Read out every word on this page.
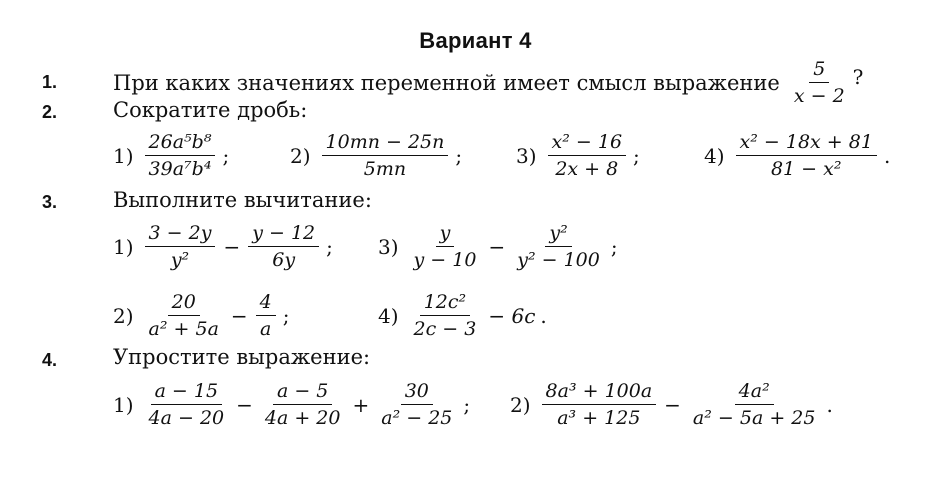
Вариант 4
1.	При каких значениях переменной имеет смысл выражение $\frac{5}{x - 2}$ ?
2.	Сократите дробь:
$1) \frac{\text{26a⁵b⁸}}{\text{39a⁷b⁴}}$ ;	$2) \frac{10mn - 25n}{5mn}$ ;	$3) \frac{\text{x² − 16}}{2x + 8}$ ;	$4) \frac{\text{x² − 18x + 81}}{\text{81 − x²}}$ .
3.	Выполните вычитание:
$1) \frac{3 - 2y}{\text{y²}} - \frac{y - 12}{6y}$ ; $3) \frac{y}{y - 10} - \frac{\text{y²}}{\text{y² − 100}}$ ;
$2) \frac{20}{\text{a² + 5a}} - \frac{4}{a}$ ;	$4) \frac{\text{12c²}}{2c - 3} - 6c$ .
4.	Упростите выражение:
$1) \frac{a - 15}{4a - 20} - \frac{a - 5}{4a + 20} + \frac{30}{\text{a² − 25}}$ ; $2) \frac{\text{8a³ + 100a}}{\text{a³ + 125}} - \frac{\text{4a²}}{\text{a² − 5a + 25}}$ .
